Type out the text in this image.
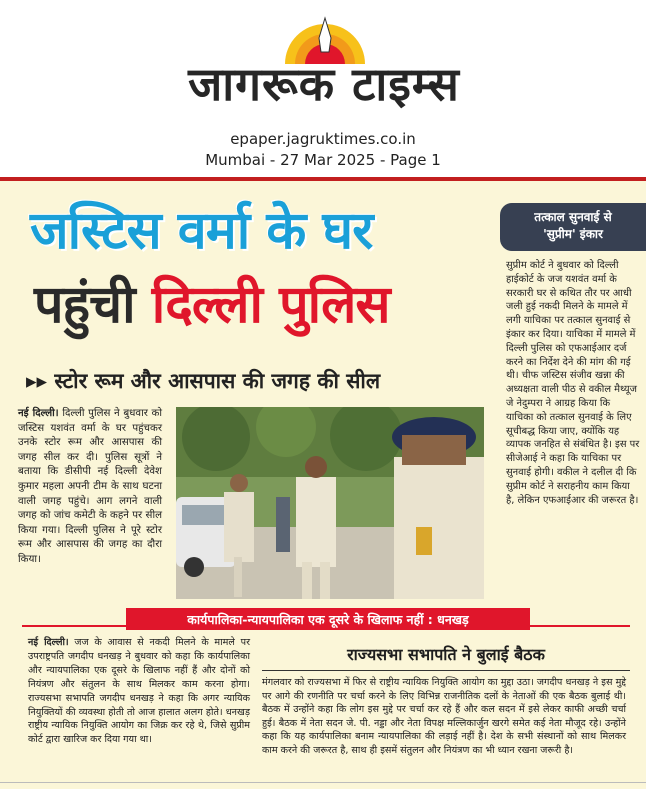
जागरूक टाइम्स
epaper.jagruktimes.co.in
Mumbai - 27 Mar 2025 - Page 1
जस्टिस वर्मा के घर
पहुंची दिल्ली पुलिस
▸▸ स्टोर रूम और आसपास की जगह की सील
नई दिल्ली। दिल्ली पुलिस ने बुधवार को जस्टिस यशवंत वर्मा के घर पहुंचकर उनके स्टोर रूम और आसपास की जगह सील कर दी। पुलिस सूत्रों ने बताया कि डीसीपी नई दिल्ली देवेश कुमार महला अपनी टीम के साथ घटना वाली जगह पहुंचे। आग लगने वाली जगह को जांच कमेटी के कहने पर सील किया गया। दिल्ली पुलिस ने पूरे स्टोर रूम और आसपास की जगह का दौरा किया।
तत्काल सुनवाई से
'सुप्रीम' इंकार
सुप्रीम कोर्ट ने बुधवार को दिल्ली हाईकोर्ट के जज यशवंत वर्मा के सरकारी घर से कथित तौर पर आधी जली हुई नकदी मिलने के मामले में लगी याचिका पर तत्काल सुनवाई से इंकार कर दिया। याचिका में मामले में दिल्ली पुलिस को एफआईआर दर्ज करने का निर्देश देने की मांग की गई थी। चीफ जस्टिस संजीव खन्ना की अध्यक्षता वाली पीठ से वकील मैथ्यूज जे नेदुम्परा ने आग्रह किया कि याचिका को तत्काल सुनवाई के लिए सूचीबद्ध किया जाए, क्योंकि यह व्यापक जनहित से संबंधित है। इस पर सीजेआई ने कहा कि याचिका पर सुनवाई होगी। वकील ने दलील दी कि सुप्रीम कोर्ट ने सराहनीय काम किया है, लेकिन एफआईआर की जरूरत है।
कार्यपालिका-न्यायपालिका एक दूसरे के खिलाफ नहीं : धनखड़
नई दिल्ली। जज के आवास से नकदी मिलने के मामले पर उपराष्ट्रपति जगदीप धनखड़ ने बुधवार को कहा कि कार्यपालिका और न्यायपालिका एक दूसरे के खिलाफ नहीं हैं और दोनों को नियंत्रण और संतुलन के साथ मिलकर काम करना होगा। राज्यसभा सभापति जगदीप धनखड़ ने कहा कि अगर न्यायिक नियुक्तियों की व्यवस्था होती तो आज हालात अलग होते। धनखड़ राष्ट्रीय न्यायिक नियुक्ति आयोग का जिक्र कर रहे थे, जिसे सुप्रीम कोर्ट द्वारा खारिज कर दिया गया था।
राज्यसभा सभापति ने बुलाई बैठक
मंगलवार को राज्यसभा में फिर से राष्ट्रीय न्यायिक नियुक्ति आयोग का मुद्दा उठा। जगदीप धनखड़ ने इस मुद्दे पर आगे की रणनीति पर चर्चा करने के लिए विभिन्न राजनीतिक दलों के नेताओं की एक बैठक बुलाई थी। बैठक में उन्होंने कहा कि लोग इस मुद्दे पर चर्चा कर रहे हैं और कल सदन में इसे लेकर काफी अच्छी चर्चा हुई। बैठक में नेता सदन जे. पी. नड्डा और नेता विपक्ष मल्लिकार्जुन खरगे समेत कई नेता मौजूद रहे। उन्होंने कहा कि यह कार्यपालिका बनाम न्यायपालिका की लड़ाई नहीं है। देश के सभी संस्थानों को साथ मिलकर काम करने की जरूरत है, साथ ही इसमें संतुलन और नियंत्रण का भी ध्यान रखना जरूरी है।
